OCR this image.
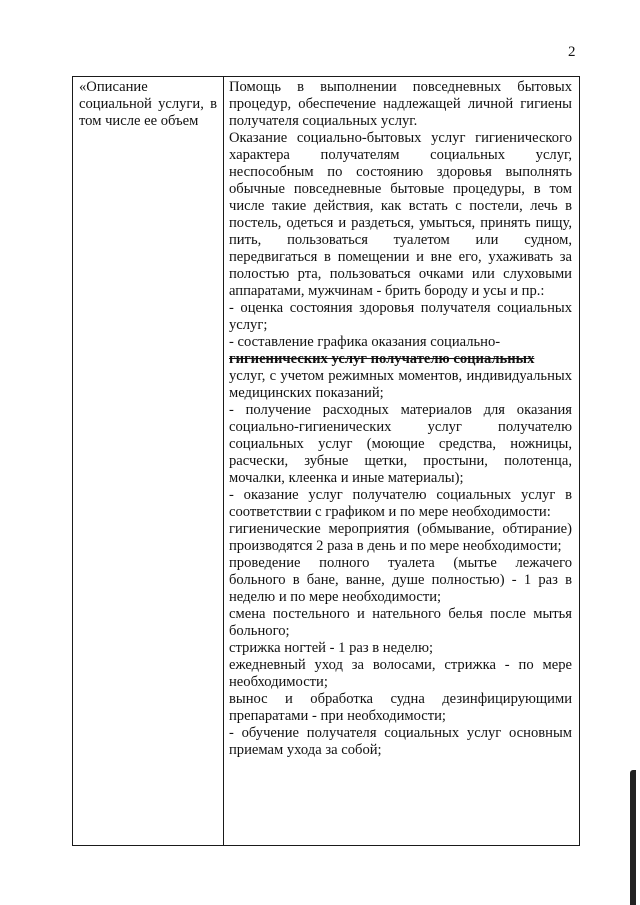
2
«Описание социальной услуги, в том числе ее объем

Помощь в выполнении повседневных бытовых процедур, обеспечение надлежащей личной гигиены получателя социальных услуг.

Оказание социально-бытовых услуг гигиенического характера получателям социальных услуг, неспособным по состоянию здоровья выполнять обычные повседневные бытовые процедуры, в том числе такие действия, как встать с постели, лечь в постель, одеться и раздеться, умыться, принять пищу, пить, пользоваться туалетом или судном, передвигаться в помещении и вне его, ухаживать за полостью рта, пользоваться очками или слуховыми аппаратами, мужчинам - брить бороду и усы и пр.:

- оценка состояния здоровья получателя социальных услуг;

- составление графика оказания социально-
гигиенических услуг получателю социальных
услуг, с учетом режимных моментов, индивидуальных медицинских показаний;

- получение расходных материалов для оказания социально-гигиенических услуг получателю социальных услуг (моющие средства, ножницы, расчески, зубные щетки, простыни, полотенца, мочалки, клеенка и иные материалы);

- оказание услуг получателю социальных услуг в соответствии с графиком и по мере необходимости:

гигиенические мероприятия (обмывание, обтирание) производятся 2 раза в день и по мере необходимости;

проведение полного туалета (мытье лежачего больного в бане, ванне, душе полностью) - 1 раз в неделю и по мере необходимости;

смена постельного и нательного белья после мытья больного;

стрижка ногтей - 1 раз в неделю;

ежедневный уход за волосами, стрижка - по мере необходимости;

вынос и обработка судна дезинфицирующими препаратами - при необходимости;

- обучение получателя социальных услуг основным приемам ухода за собой;
